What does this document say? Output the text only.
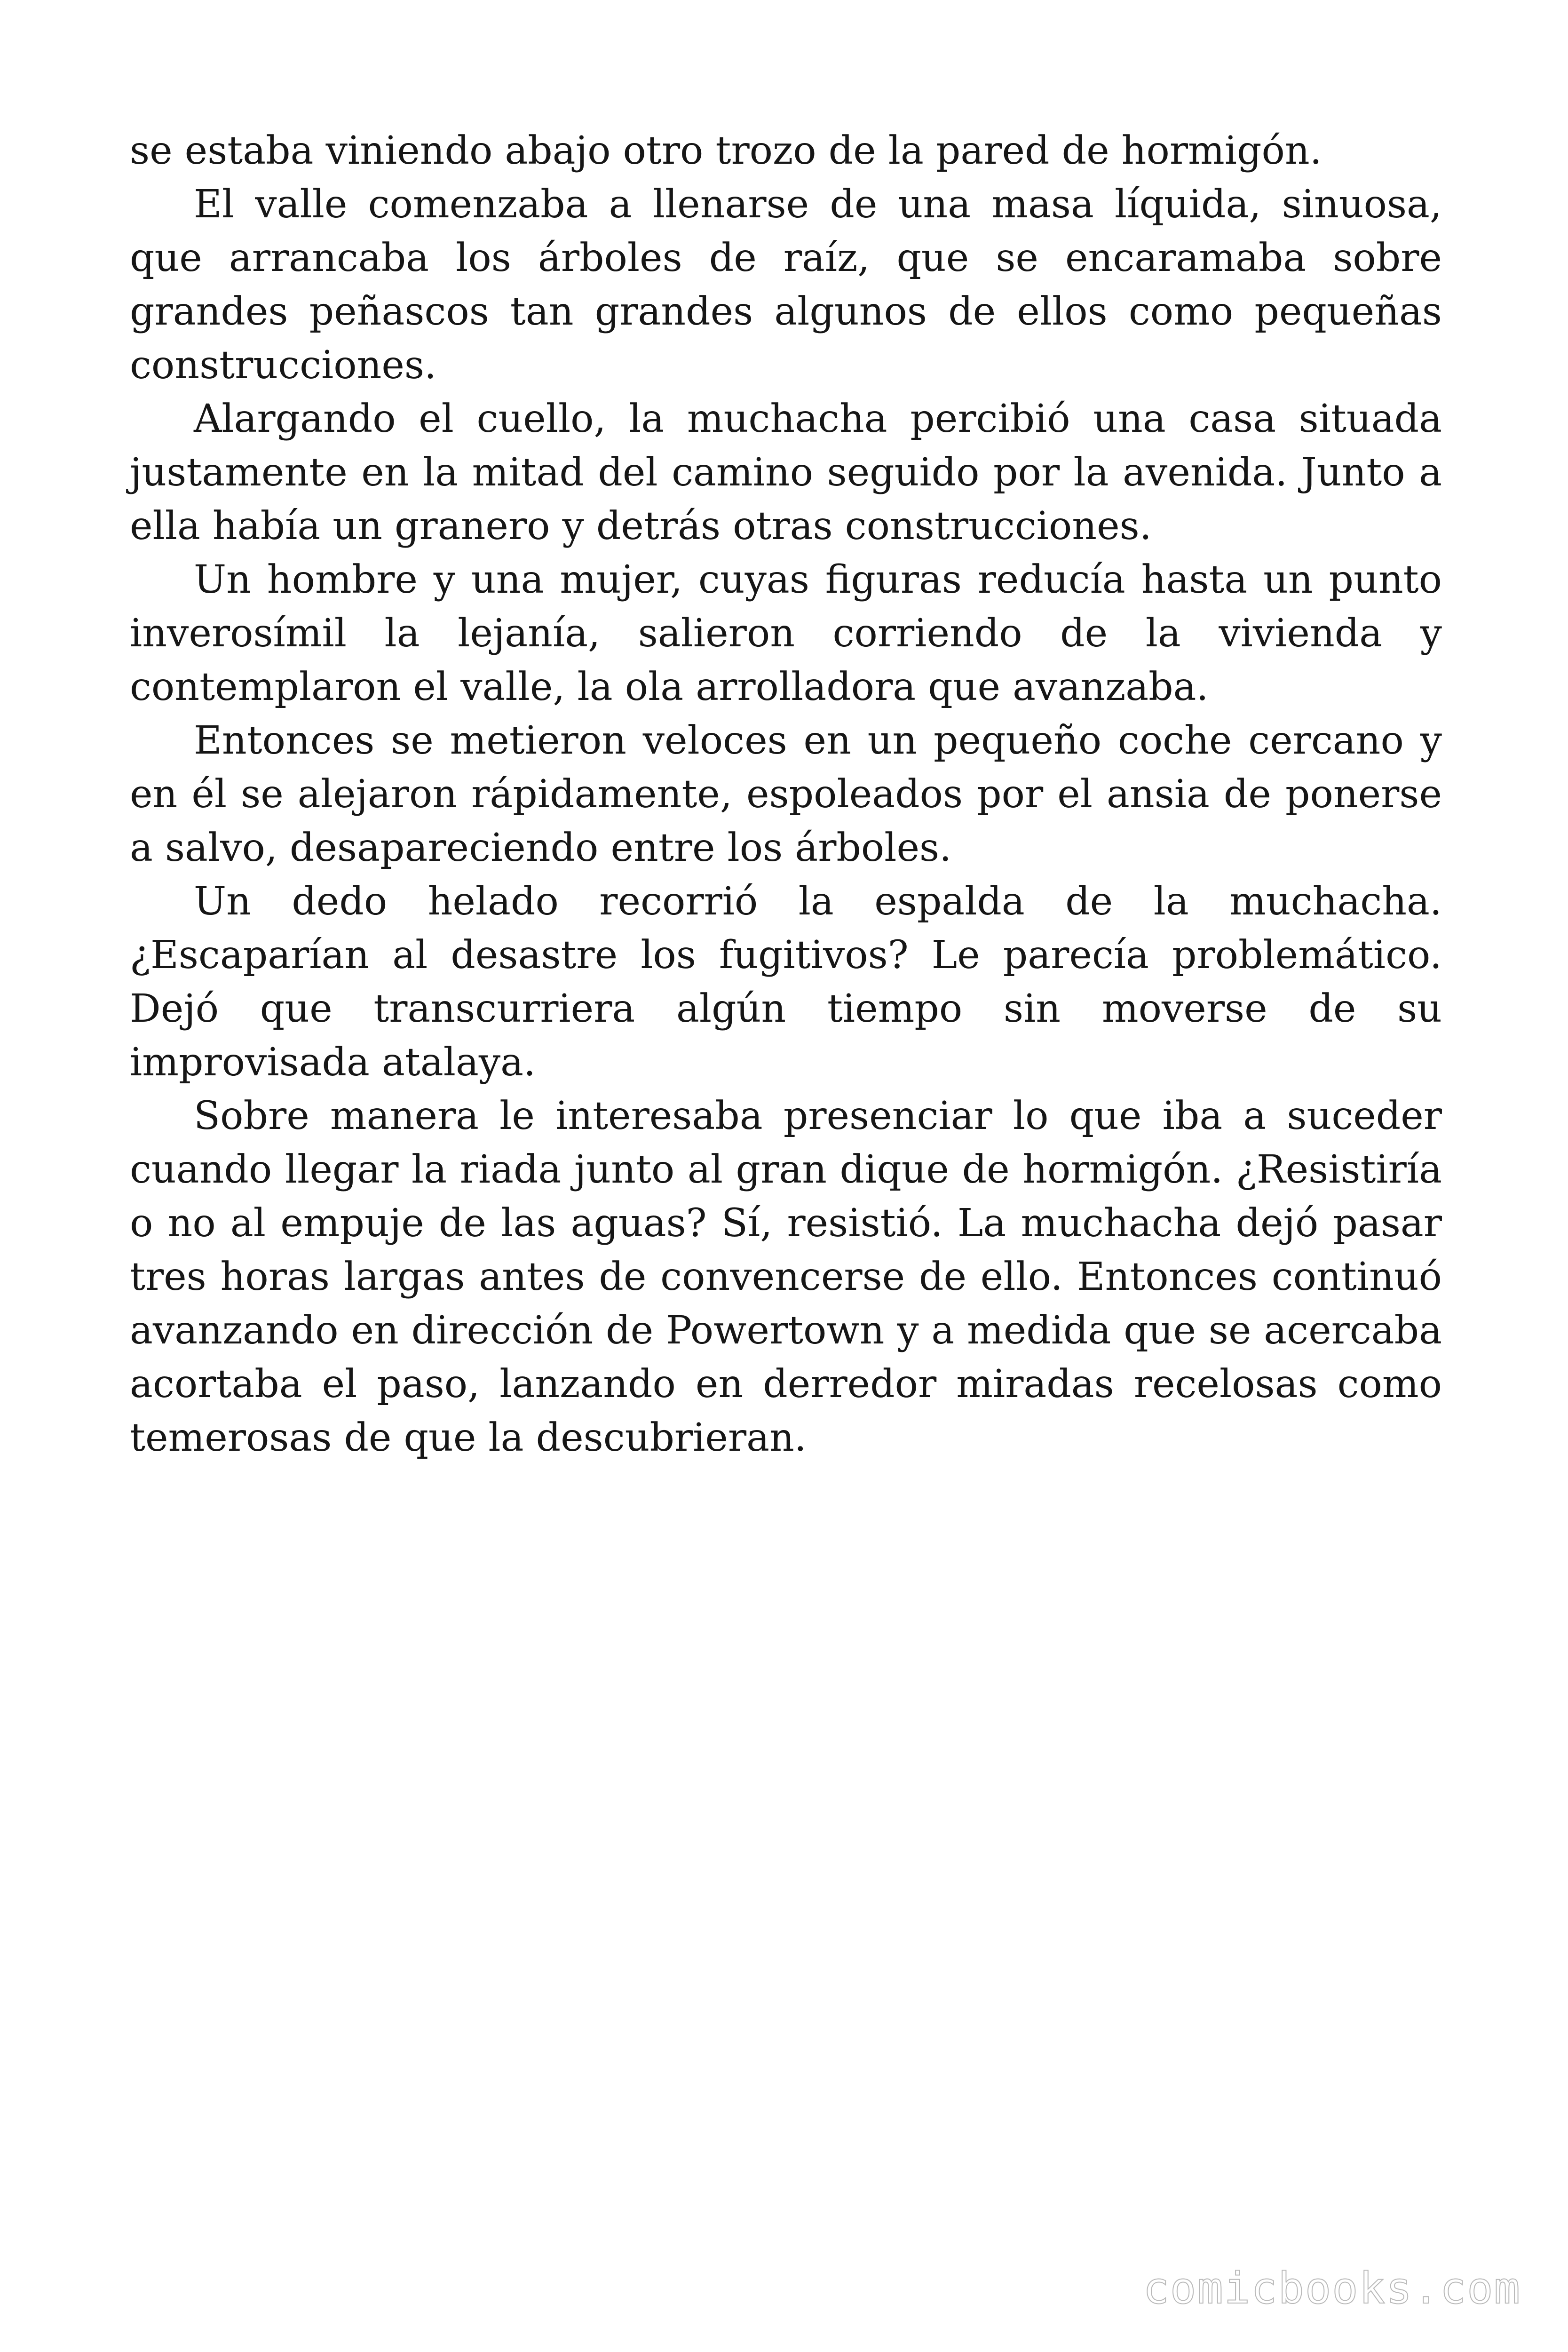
se estaba viniendo abajo otro trozo de la pared de hormigón.

El valle comenzaba a llenarse de una masa líquida, sinuosa, que arrancaba los árboles de raíz, que se encaramaba sobre grandes peñascos tan grandes algunos de ellos como pequeñas construcciones.

Alargando el cuello, la muchacha percibió una casa situada justamente en la mitad del camino seguido por la avenida. Junto a ella había un granero y detrás otras construcciones.

Un hombre y una mujer, cuyas figuras reducía hasta un punto inverosímil la lejanía, salieron corriendo de la vivienda y contemplaron el valle, la ola arrolladora que avanzaba.

Entonces se metieron veloces en un pequeño coche cercano y en él se alejaron rápidamente, espoleados por el ansia de ponerse a salvo, desapareciendo entre los árboles.

Un dedo helado recorrió la espalda de la muchacha. ¿Escaparían al desastre los fugitivos? Le parecía problemático. Dejó que transcurriera algún tiempo sin moverse de su improvisada atalaya.

Sobre manera le interesaba presenciar lo que iba a suceder cuando llegar la riada junto al gran dique de hormigón. ¿Resistiría o no al empuje de las aguas? Sí, resistió. La muchacha dejó pasar tres horas largas antes de convencerse de ello. Entonces continuó avanzando en dirección de Powertown y a medida que se acercaba acortaba el paso, lanzando en derredor miradas recelosas como temerosas de que la descubrieran.

comicbooks.com
